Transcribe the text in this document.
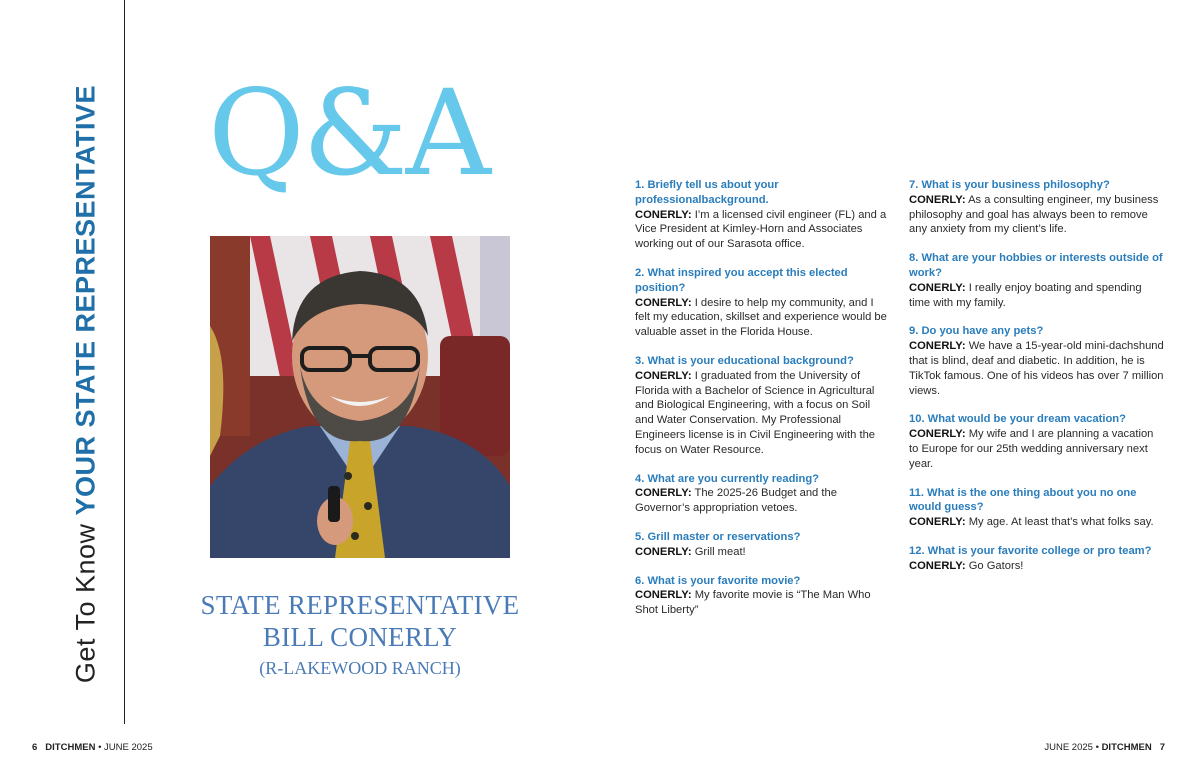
Get To Know YOUR STATE REPRESENTATIVE Q&A
STATE REPRESENTATIVE
BILL CONERLY
(R-LAKEWOOD RANCH)
1. Briefly tell us about your professionalbackground.
CONERLY: I’m a licensed civil engineer (FL) and a Vice President at Kimley-Horn and Associates working out of our Sarasota office.
2. What inspired you accept this elected position?
CONERLY: I desire to help my community, and I felt my education, skillset and experience would be valuable asset in the Florida House.
3. What is your educational background?
CONERLY: I graduated from the University of Florida with a Bachelor of Science in Agricultural and Biological Engineering, with a focus on Soil and Water Conservation. My Professional Engineers license is in Civil Engineering with the focus on Water Resource.
4. What are you currently reading?
CONERLY: The 2025-26 Budget and the Governor’s appropriation vetoes.
5. Grill master or reservations?
CONERLY: Grill meat!
6. What is your favorite movie?
CONERLY: My favorite movie is “The Man Who Shot Liberty”
7. What is your business philosophy?
CONERLY: As a consulting engineer, my business philosophy and goal has always been to remove any anxiety from my client’s life.
8. What are your hobbies or interests outside of work?
CONERLY: I really enjoy boating and spending time with my family.
9. Do you have any pets?
CONERLY: We have a 15-year-old mini-dachshund that is blind, deaf and diabetic. In addition, he is TikTok famous. One of his videos has over 7 million views.
10. What would be your dream vacation?
CONERLY: My wife and I are planning a vacation to Europe for our 25th wedding anniversary next year.
11. What is the one thing about you no one would guess?
CONERLY: My age. At least that’s what folks say.
12. What is your favorite college or pro team?
CONERLY: Go Gators!
6 DITCHMEN • JUNE 2025	JUNE 2025 • DITCHMEN 7
